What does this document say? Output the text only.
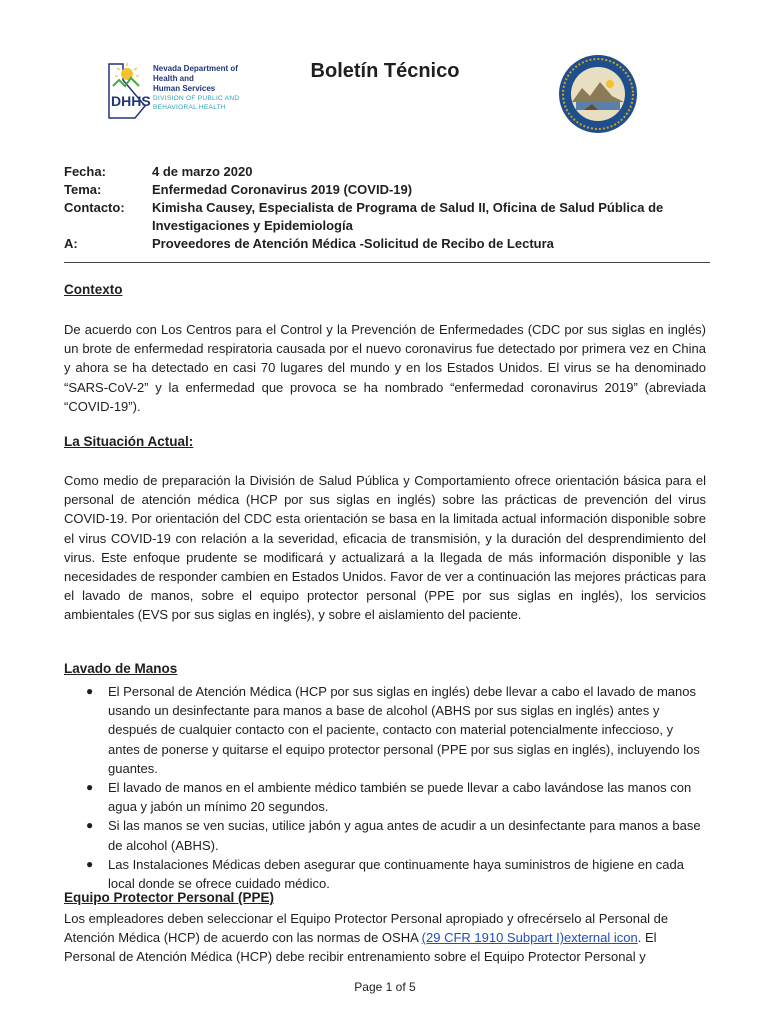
DHHS
Nevada Department of
Health and
Human Services
DIVISION OF PUBLIC AND
BEHAVIORAL HEALTH
Boletín Técnico
Fecha:	4 de marzo 2020
Tema:	Enfermedad Coronavirus 2019 (COVID-19)
Contacto:	Kimisha Causey, Especialista de Programa de Salud II, Oficina de Salud Pública de Investigaciones y Epidemiología
A:	Proveedores de Atención Médica -Solicitud de Recibo de Lectura
Contexto
De acuerdo con Los Centros para el Control y la Prevención de Enfermedades (CDC por sus siglas en inglés) un brote de enfermedad respiratoria causada por el nuevo coronavirus fue detectado por primera vez en China y ahora se ha detectado en casi 70 lugares del mundo y en los Estados Unidos. El virus se ha denominado “SARS-CoV-2” y la enfermedad que provoca se ha nombrado “enfermedad coronavirus 2019” (abreviada “COVID-19”).
La Situación Actual:
Como medio de preparación la División de Salud Pública y Comportamiento ofrece orientación básica para el personal de atención médica (HCP por sus siglas en inglés) sobre las prácticas de prevención del virus COVID-19. Por orientación del CDC esta orientación se basa en la limitada actual información disponible sobre el virus COVID-19 con relación a la severidad, eficacia de transmisión, y la duración del desprendimiento del virus. Este enfoque prudente se modificará y actualizará a la llegada de más información disponible y las necesidades de responder cambien en Estados Unidos. Favor de ver a continuación las mejores prácticas para el lavado de manos, sobre el equipo protector personal (PPE por sus siglas en inglés), los servicios ambientales (EVS por sus siglas en inglés), y sobre el aislamiento del paciente.
Lavado de Manos
● El Personal de Atención Médica (HCP por sus siglas en inglés) debe llevar a cabo el lavado de manos usando un desinfectante para manos a base de alcohol (ABHS por sus siglas en inglés) antes y después de cualquier contacto con el paciente, contacto con material potencialmente infeccioso, y antes de ponerse y quitarse el equipo protector personal (PPE por sus siglas en inglés), incluyendo los guantes.
● El lavado de manos en el ambiente médico también se puede llevar a cabo lavándose las manos con agua y jabón un mínimo 20 segundos.
● Si las manos se ven sucias, utilice jabón y agua antes de acudir a un desinfectante para manos a base de alcohol (ABHS).
● Las Instalaciones Médicas deben asegurar que continuamente haya suministros de higiene en cada local donde se ofrece cuidado médico.
Equipo Protector Personal (PPE)
Los empleadores deben seleccionar el Equipo Protector Personal apropiado y ofrecérselo al Personal de Atención Médica (HCP) de acuerdo con las normas de OSHA (29 CFR 1910 Subpart I)external icon. El Personal de Atención Médica (HCP) debe recibir entrenamiento sobre el Equipo Protector Personal y
Page 1 of 5
